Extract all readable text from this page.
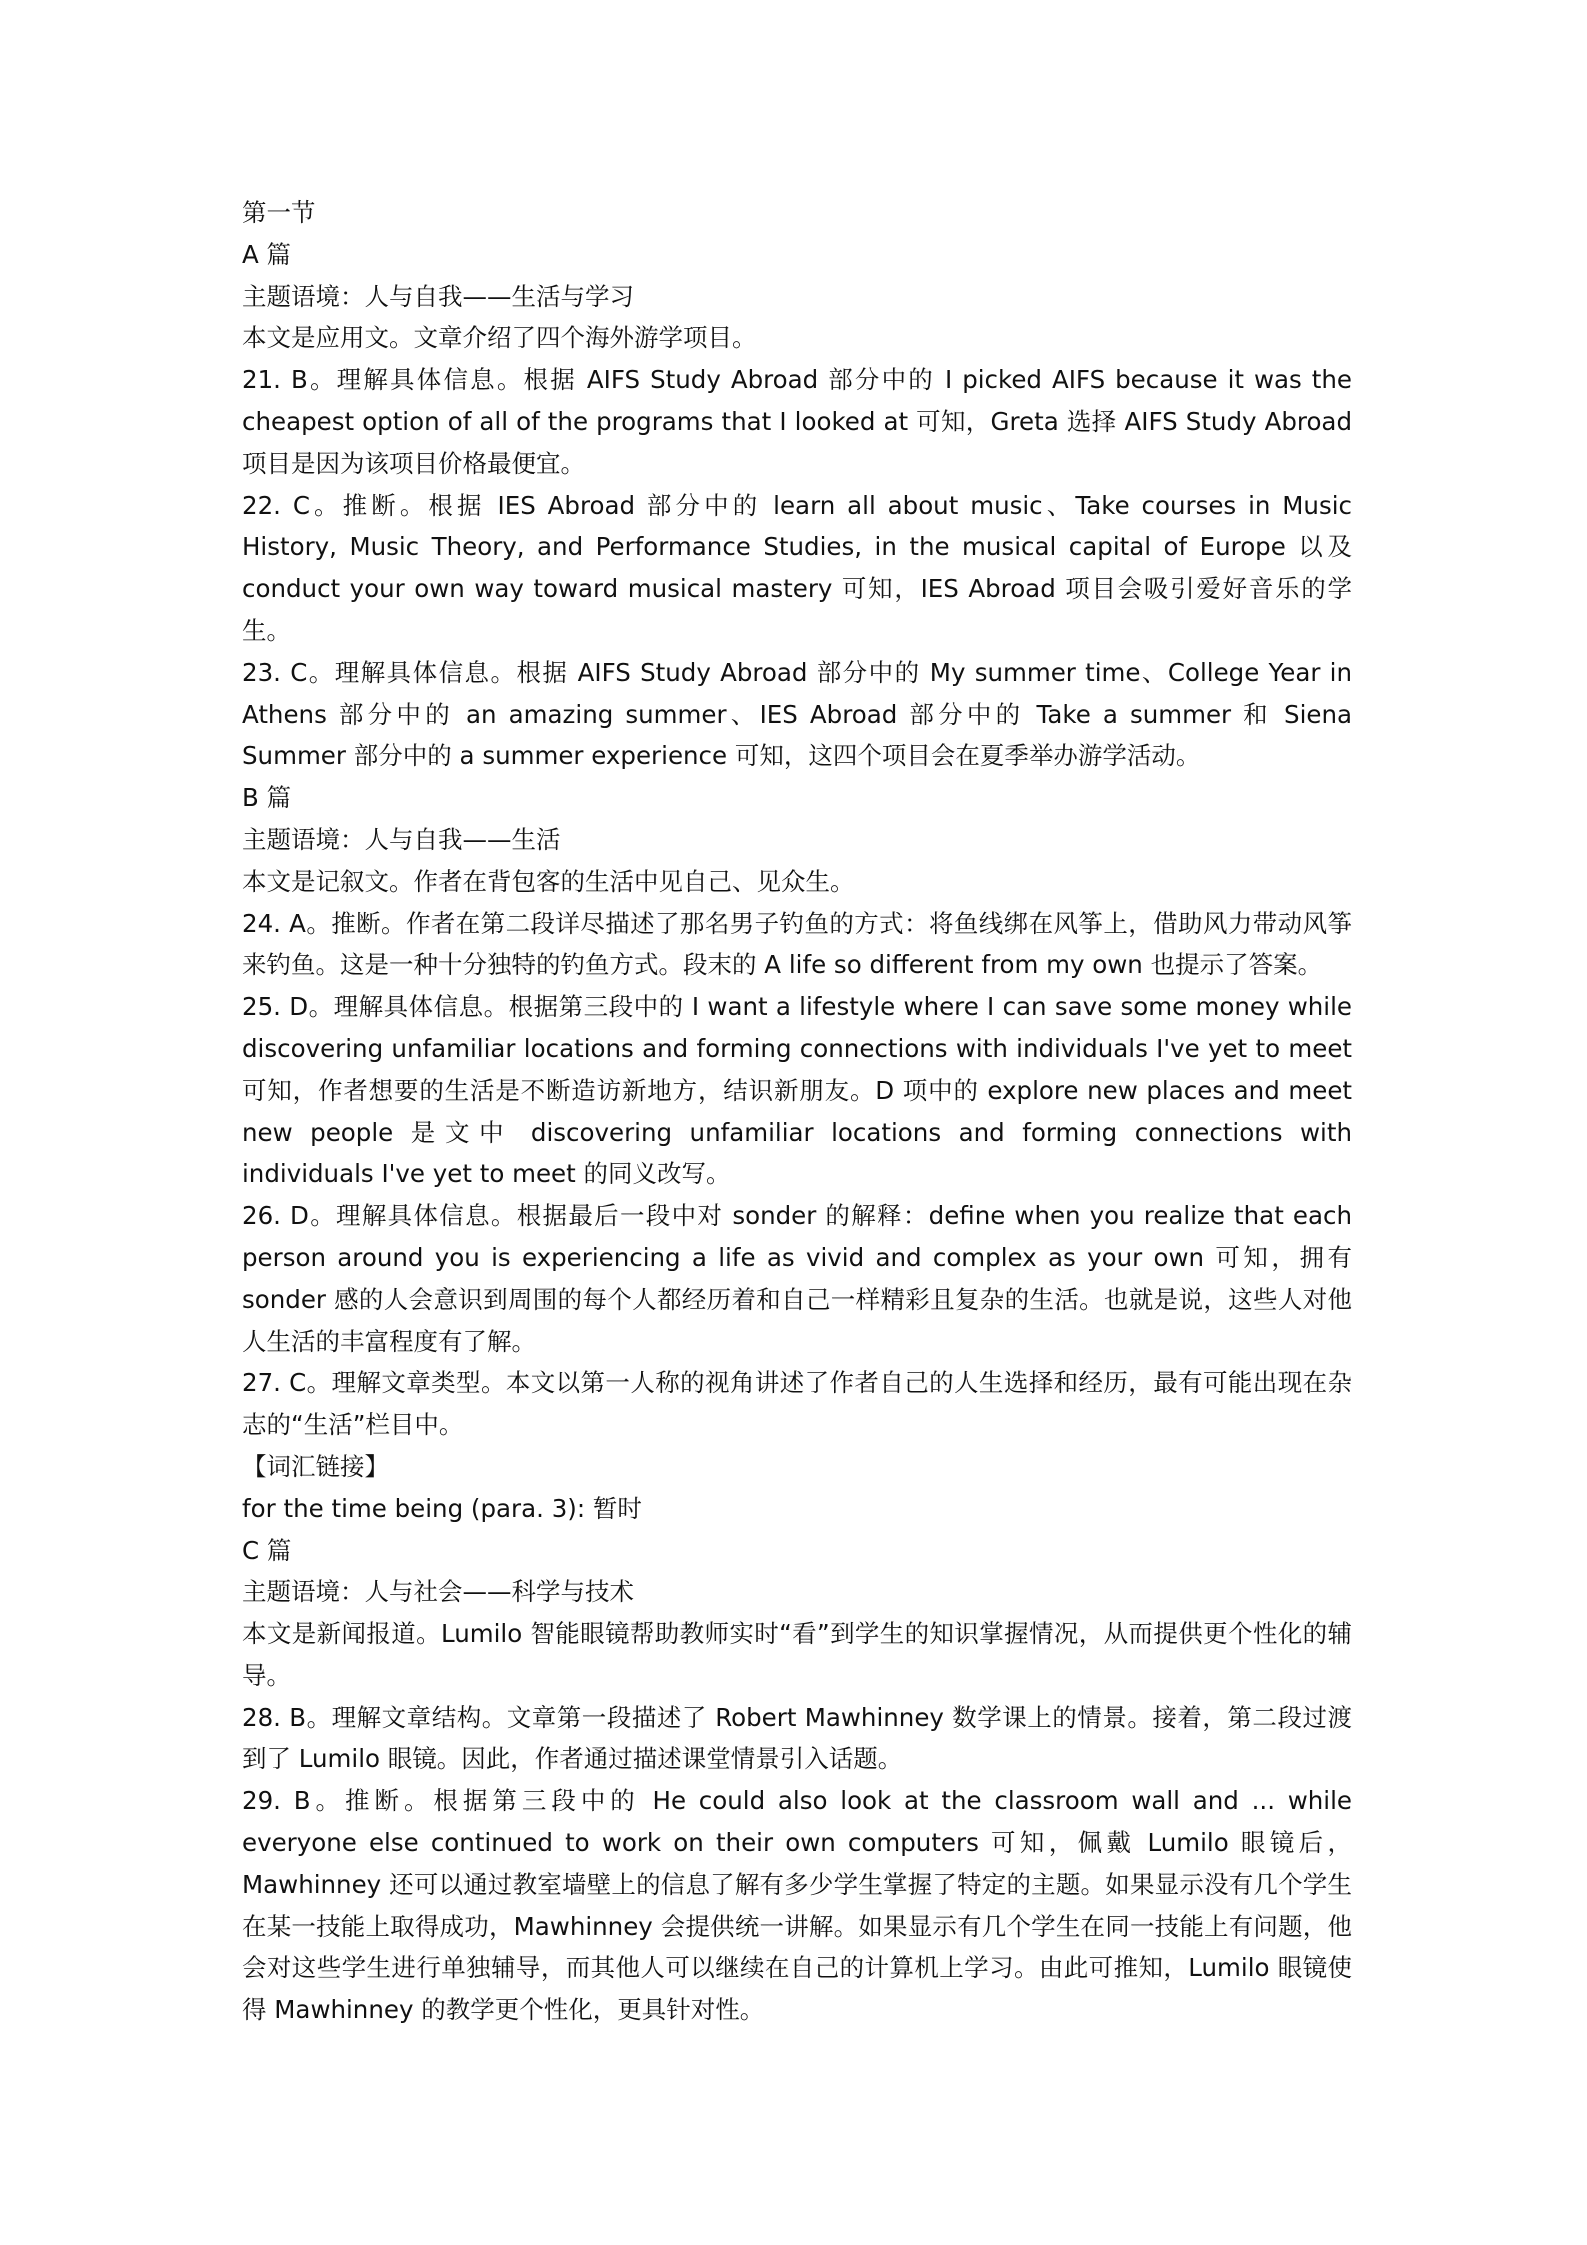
第一节
A 篇
主题语境：人与自我——生活与学习
本文是应用文。文章介绍了四个海外游学项目。
21. B。理解具体信息。根据 AIFS Study Abroad 部分中的 I picked AIFS because it was the cheapest option of all of the programs that I looked at 可知，Greta 选择 AIFS Study Abroad 项目是因为该项目价格最便宜。
22. C。推断。根据 IES Abroad 部分中的 learn all about music、Take courses in Music History, Music Theory, and Performance Studies, in the musical capital of Europe 以及 conduct your own way toward musical mastery 可知，IES Abroad 项目会吸引爱好音乐的学生。
23. C。理解具体信息。根据 AIFS Study Abroad 部分中的 My summer time、College Year in Athens 部分中的 an amazing summer、IES Abroad 部分中的 Take a summer 和 Siena Summer 部分中的 a summer experience 可知，这四个项目会在夏季举办游学活动。
B 篇
主题语境：人与自我——生活
本文是记叙文。作者在背包客的生活中见自己、见众生。
24. A。推断。作者在第二段详尽描述了那名男子钓鱼的方式：将鱼线绑在风筝上，借助风力带动风筝来钓鱼。这是一种十分独特的钓鱼方式。段末的 A life so different from my own 也提示了答案。
25. D。理解具体信息。根据第三段中的 I want a lifestyle where I can save some money while discovering unfamiliar locations and forming connections with individuals I've yet to meet 可知，作者想要的生活是不断造访新地方，结识新朋友。D 项中的 explore new places and meet new people 是文中 discovering unfamiliar locations and forming connections with individuals I've yet to meet 的同义改写。
26. D。理解具体信息。根据最后一段中对 sonder 的解释：define when you realize that each person around you is experiencing a life as vivid and complex as your own 可知，拥有 sonder 感的人会意识到周围的每个人都经历着和自己一样精彩且复杂的生活。也就是说，这些人对他人生活的丰富程度有了解。
27. C。理解文章类型。本文以第一人称的视角讲述了作者自己的人生选择和经历，最有可能出现在杂志的“生活”栏目中。
【词汇链接】
for the time being (para. 3): 暂时
C 篇
主题语境：人与社会——科学与技术
本文是新闻报道。Lumilo 智能眼镜帮助教师实时“看”到学生的知识掌握情况，从而提供更个性化的辅导。
28. B。理解文章结构。文章第一段描述了 Robert Mawhinney 数学课上的情景。接着，第二段过渡到了 Lumilo 眼镜。因此，作者通过描述课堂情景引入话题。
29. B。推断。根据第三段中的 He could also look at the classroom wall and ... while everyone else continued to work on their own computers 可知，佩戴 Lumilo 眼镜后，Mawhinney 还可以通过教室墙壁上的信息了解有多少学生掌握了特定的主题。如果显示没有几个学生在某一技能上取得成功，Mawhinney 会提供统一讲解。如果显示有几个学生在同一技能上有问题，他会对这些学生进行单独辅导，而其他人可以继续在自己的计算机上学习。由此可推知，Lumilo 眼镜使得 Mawhinney 的教学更个性化，更具针对性。
